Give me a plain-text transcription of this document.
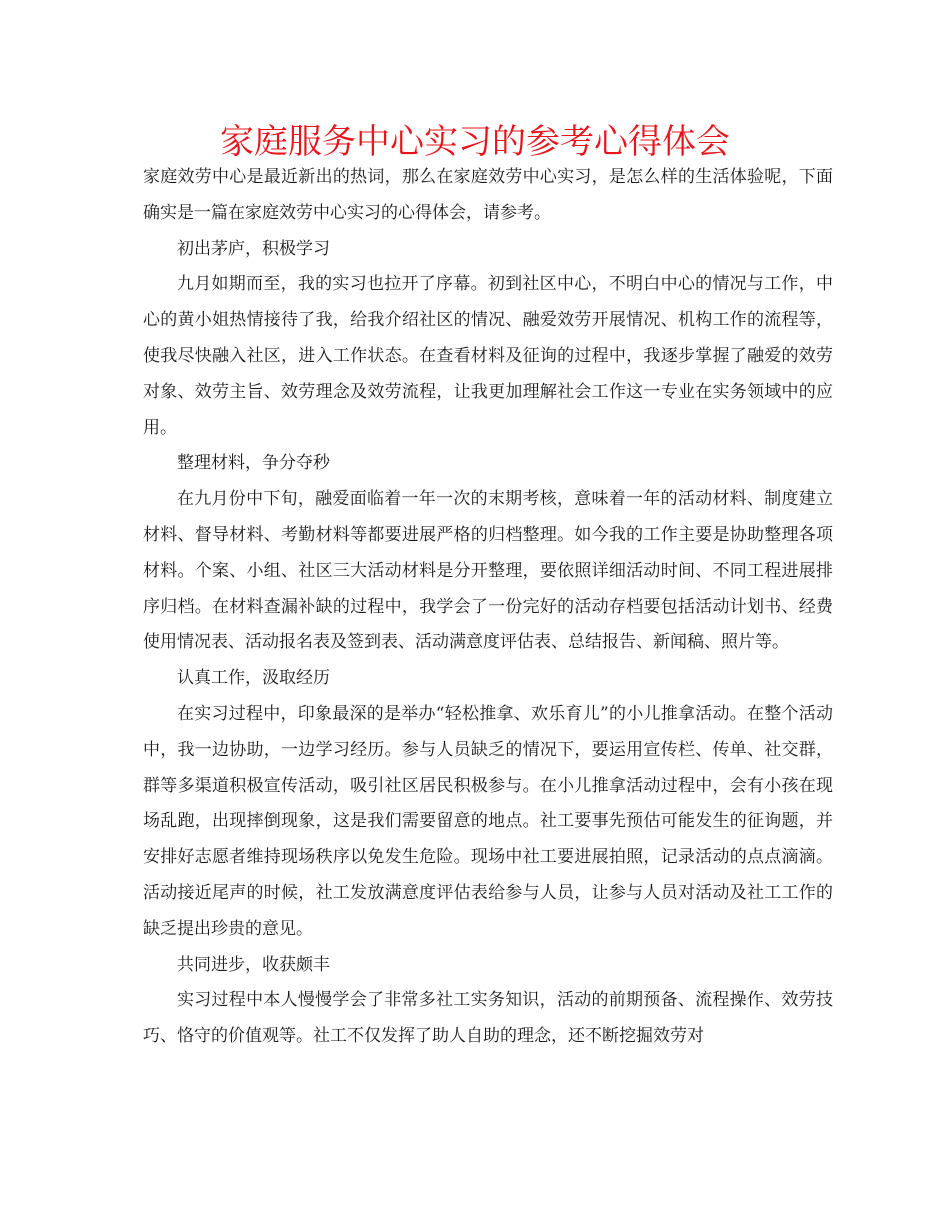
家庭服务中心实习的参考心得体会

家庭效劳中心是最近新出的热词，那么在家庭效劳中心实习，是怎么样的生活体验呢，下面确实是一篇在家庭效劳中心实习的心得体会，请参考。

初出茅庐，积极学习

九月如期而至，我的实习也拉开了序幕。初到社区中心，不明白中心的情况与工作，中心的黄小姐热情接待了我，给我介绍社区的情况、融爱效劳开展情况、机构工作的流程等，使我尽快融入社区，进入工作状态。在查看材料及征询的过程中，我逐步掌握了融爱的效劳对象、效劳主旨、效劳理念及效劳流程，让我更加理解社会工作这一专业在实务领域中的应用。

整理材料，争分夺秒

在九月份中下旬，融爱面临着一年一次的末期考核，意味着一年的活动材料、制度建立材料、督导材料、考勤材料等都要进展严格的归档整理。如今我的工作主要是协助整理各项材料。个案、小组、社区三大活动材料是分开整理，要依照详细活动时间、不同工程进展排序归档。在材料查漏补缺的过程中，我学会了一份完好的活动存档要包括活动计划书、经费使用情况表、活动报名表及签到表、活动满意度评估表、总结报告、新闻稿、照片等。

认真工作，汲取经历

在实习过程中，印象最深的是举办“轻松推拿、欢乐育儿”的小儿推拿活动。在整个活动中，我一边协助，一边学习经历。参与人员缺乏的情况下，要运用宣传栏、传单、社交群，群等多渠道积极宣传活动，吸引社区居民积极参与。在小儿推拿活动过程中，会有小孩在现场乱跑，出现摔倒现象，这是我们需要留意的地点。社工要事先预估可能发生的征询题，并安排好志愿者维持现场秩序以免发生危险。现场中社工要进展拍照，记录活动的点点滴滴。活动接近尾声的时候，社工发放满意度评估表给参与人员，让参与人员对活动及社工工作的缺乏提出珍贵的意见。

共同进步，收获颇丰

实习过程中本人慢慢学会了非常多社工实务知识，活动的前期预备、流程操作、效劳技巧、恪守的价值观等。社工不仅发挥了助人自助的理念，还不断挖掘效劳对
